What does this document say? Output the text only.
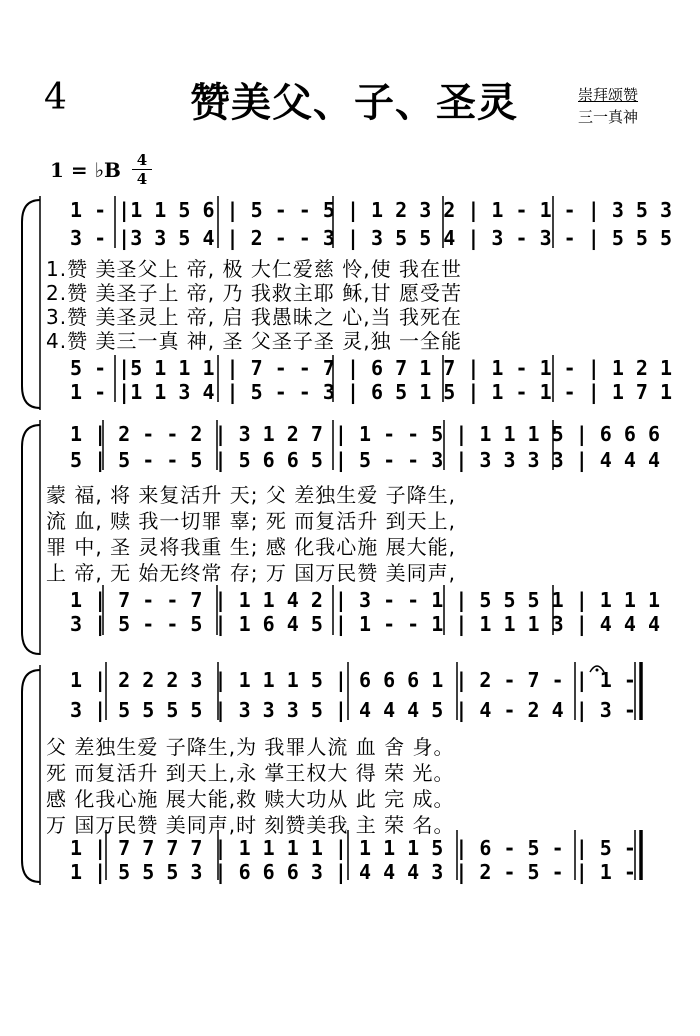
4	赞美父、子、圣灵	崇拜颂赞
三一真神
1 = ♭B	4
4
1 - |1 1 5 6 | 5 - - 5 | 1 2 3 2 | 1 - 1 - | 3 5 3
3 - |3 3 5 4 | 2 - - 3 | 3 5 5 4 | 3 - 3 - | 5 5 5
1.赞 美圣父上 帝, 极 大仁爱慈 怜,使 我在世
2.赞 美圣子上 帝, 乃 我救主耶 稣,甘 愿受苦
3.赞 美圣灵上 帝, 启 我愚昧之 心,当 我死在
4.赞 美三一真 神, 圣 父圣子圣 灵,独 一全能
5 - |5 1 1 1 | 7 - - 7 | 6 7 1 7 | 1 - 1 - | 1 2 1
1 - |1 1 3 4 | 5 - - 3 | 6 5 1 5 | 1 - 1 - | 1 7 1
1 | 2 - - 2 | 3 1 2 7 | 1 - - 5 | 1 1 1 5 | 6 6 6
5 | 5 - - 5 | 5 6 6 5 | 5 - - 3 | 3 3 3 3 | 4 4 4
蒙 福, 将 来复活升 天; 父 差独生爱 子降生,
流 血, 赎 我一切罪 辜; 死 而复活升 到天上,
罪 中, 圣 灵将我重 生; 感 化我心施 展大能,
上 帝, 无 始无终常 存; 万 国万民赞 美同声,
1 | 7 - - 7 | 1 1 4 2 | 3 - - 1 | 5 5 5 1 | 1 1 1
3 | 5 - - 5 | 1 6 4 5 | 1 - - 1 | 1 1 1 3 | 4 4 4
1 | 2 2 2 3 | 1 1 1 5 | 6 6 6 1 | 2 - 7 - | 1 -
3 | 5 5 5 5 | 3 3 3 5 | 4 4 4 5 | 4 - 2 4 | 3 -
父 差独生爱 子降生,为 我罪人流 血 舍 身。
死 而复活升 到天上,永 掌王权大 得 荣 光。
感 化我心施 展大能,救 赎大功从 此 完 成。
万 国万民赞 美同声,时 刻赞美我 主 荣 名。
1 | 7 7 7 7 | 1 1 1 1 | 1 1 1 5 | 6 - 5 - | 5 -
1 | 5 5 5 3 | 6 6 6 3 | 4 4 4 3 | 2 - 5 - | 1 -
